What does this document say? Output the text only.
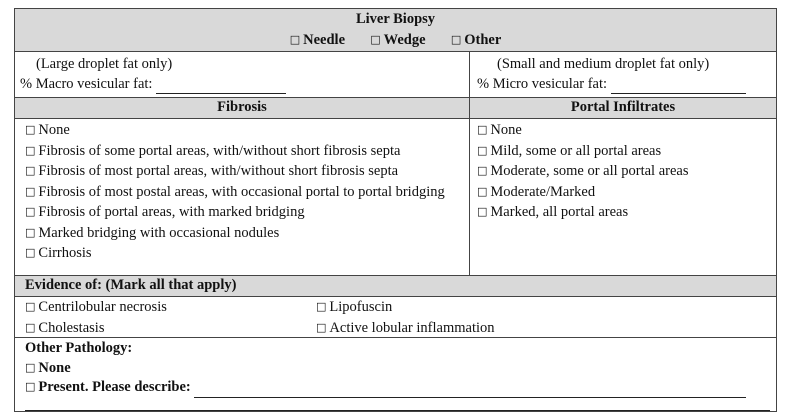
Liver Biopsy
□ Needle □ Wedge □ Other
(Large droplet fat only)
% Macro vesicular fat:
(Small and medium droplet fat only)
% Micro vesicular fat:
Fibrosis	Portal Infiltrates
□ None
□ Fibrosis of some portal areas, with/without short fibrosis septa
□ Fibrosis of most portal areas, with/without short fibrosis septa
□ Fibrosis of most postal areas, with occasional portal to portal bridging
□ Fibrosis of portal areas, with marked bridging
□ Marked bridging with occasional nodules
□ Cirrhosis
□ None
□ Mild, some or all portal areas
□ Moderate, some or all portal areas
□ Moderate/Marked
□ Marked, all portal areas
Evidence of: (Mark all that apply)
□ Centrilobular necrosis
□ Cholestasis
□ Lipofuscin
□ Active lobular inflammation
Other Pathology:
□ None
□ Present. Please describe:
